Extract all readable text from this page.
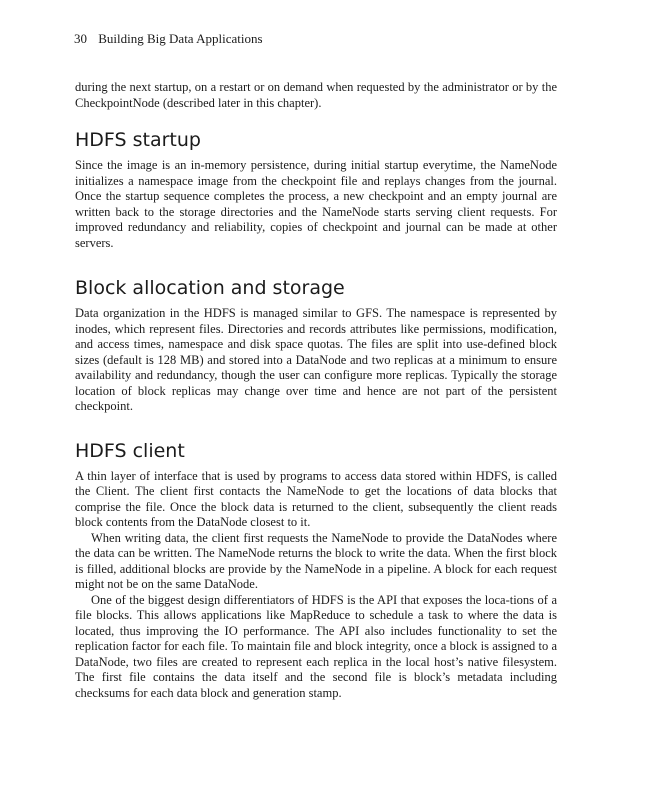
30 Building Big Data Applications

during the next startup, on a restart or on demand when requested by the administrator or by the CheckpointNode (described later in this chapter).

HDFS startup

Since the image is an in-memory persistence, during initial startup everytime, the NameNode initializes a namespace image from the checkpoint file and replays changes from the journal. Once the startup sequence completes the process, a new checkpoint and an empty journal are written back to the storage directories and the NameNode starts serving client requests. For improved redundancy and reliability, copies of checkpoint and journal can be made at other servers.

Block allocation and storage

Data organization in the HDFS is managed similar to GFS. The namespace is represented by inodes, which represent files. Directories and records attributes like permissions, modification, and access times, namespace and disk space quotas. The files are split into use-defined block sizes (default is 128 MB) and stored into a DataNode and two replicas at a minimum to ensure availability and redundancy, though the user can configure more replicas. Typically the storage location of block replicas may change over time and hence are not part of the persistent checkpoint.

HDFS client

A thin layer of interface that is used by programs to access data stored within HDFS, is called the Client. The client first contacts the NameNode to get the locations of data blocks that comprise the file. Once the block data is returned to the client, subsequently the client reads block contents from the DataNode closest to it.

When writing data, the client first requests the NameNode to provide the DataNodes where the data can be written. The NameNode returns the block to write the data. When the first block is filled, additional blocks are provide by the NameNode in a pipeline. A block for each request might not be on the same DataNode.

One of the biggest design differentiators of HDFS is the API that exposes the loca-tions of a file blocks. This allows applications like MapReduce to schedule a task to where the data is located, thus improving the IO performance. The API also includes functionality to set the replication factor for each file. To maintain file and block integrity, once a block is assigned to a DataNode, two files are created to represent each replica in the local host’s native filesystem. The first file contains the data itself and the second file is block’s metadata including checksums for each data block and generation stamp.
